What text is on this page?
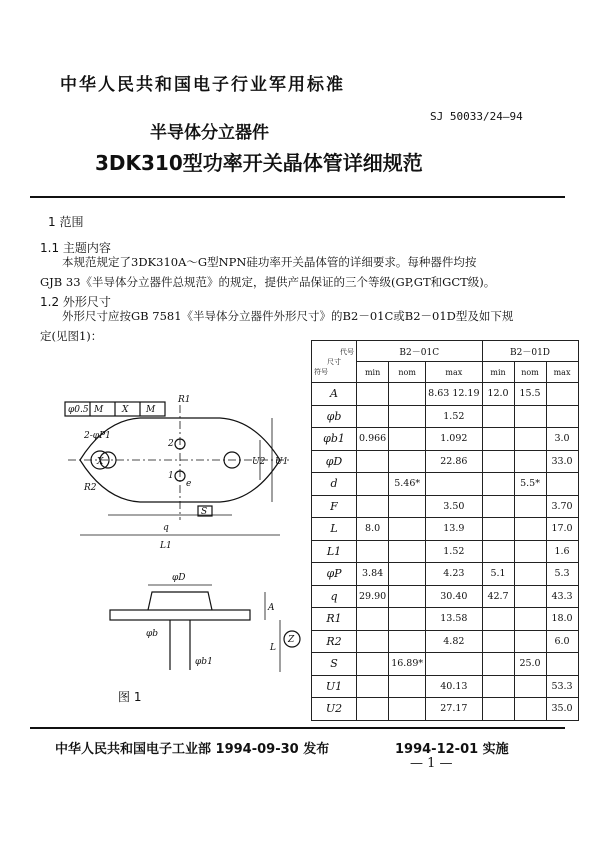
中华人民共和国电子行业军用标准
半导体分立器件
3DK310型功率开关晶体管详细规范
SJ 50033/24—94
1 范围
1.1 主题内容
本规范规定了3DK310A～G型NPN硅功率开关晶体管的详细要求。每种器件均按
GJB 33《半导体分立器件总规范》的规定，提供产品保证的三个等级(GP,GT和GCT级)。
1.2 外形尺寸
外形尺寸应按GB 7581《半导体分立器件外形尺寸》的B2－01C或B2－01D型及如下规
定(见图1)：
φ0.5 M X M
R1
2-φP1
X
R2
2
1
q
e
U2 U1
S
L1
φD
A
φb1
φb
L
Z
图 1
代号
尺寸
符号	B2－01C			B2－01D		
	min	nom	max	min	nom	max
A			8.63 12.19	12.0	15.5	
φb			1.52			
φb1	0.966		1.092			3.0
φD			22.86			33.0
d		5.46*			5.5*	
F			3.50			3.70
L	8.0		13.9			17.0
L1			1.52			1.6
φP	3.84		4.23	5.1		5.3
q	29.90		30.40	42.7		43.3
R1			13.58			18.0
R2			4.82			6.0
S		16.89*			25.0	
U1			40.13			53.3
U2			27.17			35.0
中华人民共和国电子工业部 1994-09-30 发布	1994-12-01 实施
— 1 —
